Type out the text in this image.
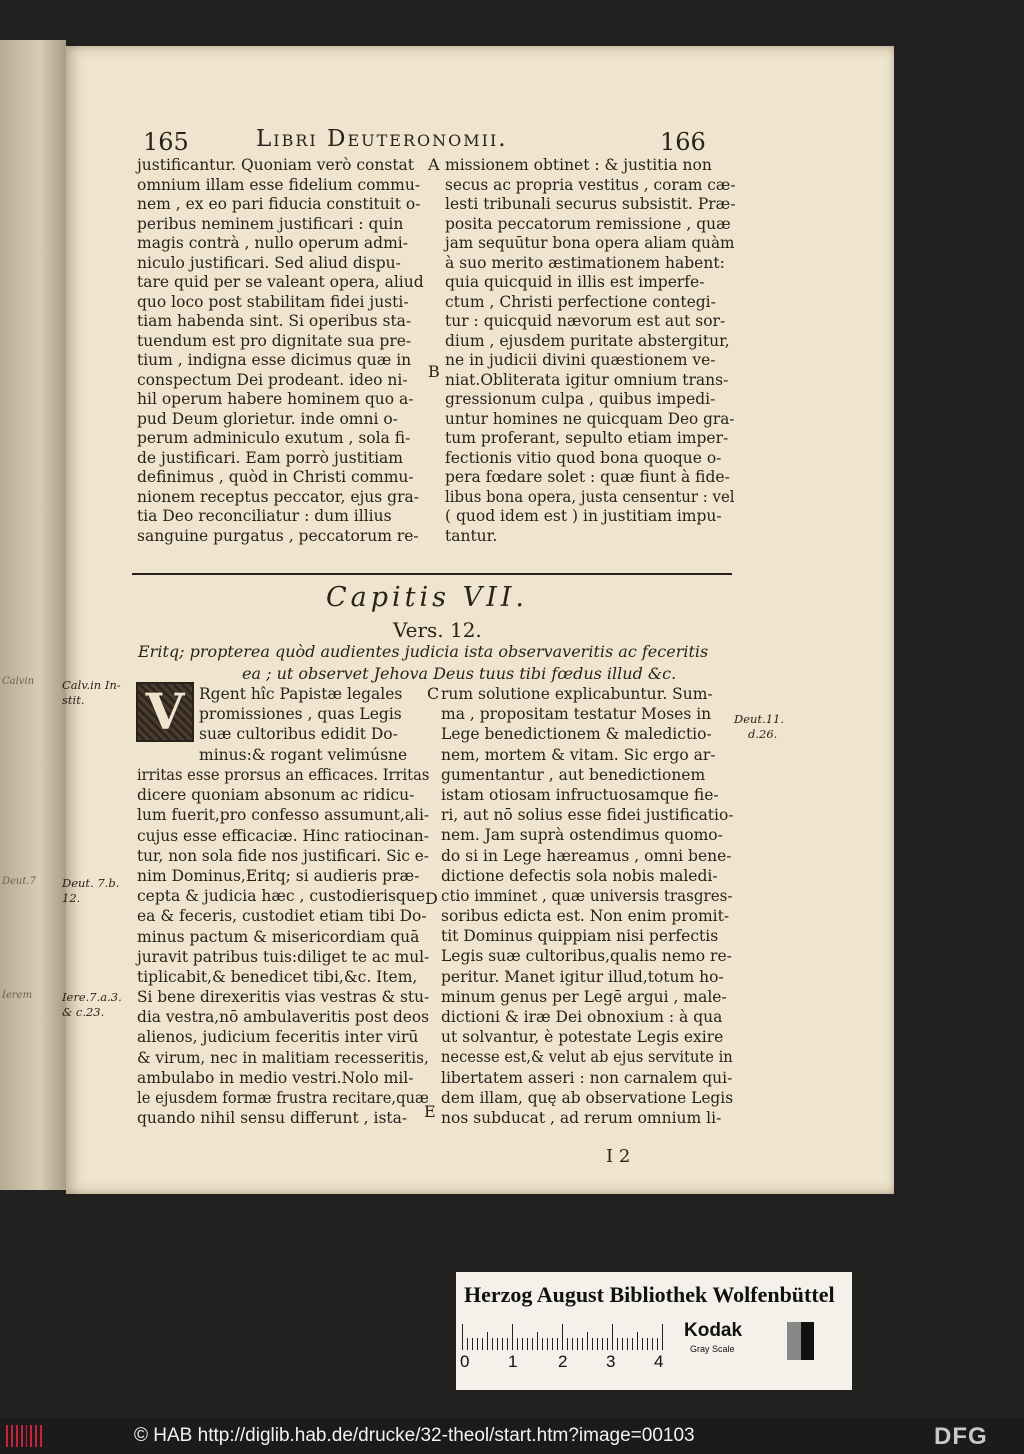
Calvin
Deut.7
Ierem
165	Libri Deuteronomii.	166
justificantur. Quoniam verò constat
omnium illam esse fidelium commu-
nem , ex eo pari fiducia constituit o-
peribus neminem justificari : quin
magis contrà , nullo operum admi-
niculo justificari. Sed aliud dispu-
tare quid per se valeant opera, aliud
quo loco post stabilitam fidei justi-
tiam habenda sint. Si operibus sta-
tuendum est pro dignitate sua pre-
tium , indigna esse dicimus quæ in
conspectum Dei prodeant. ideo ni-
hil operum habere hominem quo a-
pud Deum glorietur. inde omni o-
perum adminiculo exutum , sola fi-
de justificari. Eam porrò justitiam
definimus , quòd in Christi commu-
nionem receptus peccator, ejus gra-
tia Deo reconciliatur : dum illius
sanguine purgatus , peccatorum re-
missionem obtinet : & justitia non
secus ac propria vestitus , coram cæ-
lesti tribunali securus subsistit. Præ-
posita peccatorum remissione , quæ
jam sequūtur bona opera aliam quàm
à suo merito æstimationem habent:
quia quicquid in illis est imperfe-
ctum , Christi perfectione contegi-
tur : quicquid nævorum est aut sor-
dium , ejusdem puritate abstergitur,
ne in judicii divini quæstionem ve-
niat.Obliterata igitur omnium trans-
gressionum culpa , quibus impedi-
untur homines ne quicquam Deo gra-
tum proferant, sepulto etiam imper-
fectionis vitio quod bona quoque o-
pera fœdare solet : quæ fiunt à fide-
libus bona opera, justa censentur : vel
( quod idem est ) in justitiam impu-
tantur.
A
B
Capitis VII.
Vers. 12.
Eritq; propterea quòd audientes judicia ista observaveritis ac feceritis
ea ; ut observet Jehova Deus tuus tibi fœdus illud &c.
V Rgent hîc Papistæ legales
promissiones , quas Legis
suæ cultoribus edidit Do-
minus:& rogant velimúsne
irritas esse prorsus an efficaces. Irritas
dicere quoniam absonum ac ridicu-
lum fuerit,pro confesso assumunt,ali-
cujus esse efficaciæ. Hinc ratiocinan-
tur, non sola fide nos justificari. Sic e-
nim Dominus,Eritq; si audieris præ-
cepta & judicia hæc , custodierisque
ea & feceris, custodiet etiam tibi Do-
minus pactum & misericordiam quā
juravit patribus tuis:diliget te ac mul-
tiplicabit,& benedicet tibi,&c. Item,
Si bene direxeritis vias vestras & stu-
dia vestra,nō ambulaveritis post deos
alienos, judicium feceritis inter virū
& virum, nec in malitiam recesseritis,
ambulabo in medio vestri.Nolo mil-
le ejusdem formæ frustra recitare,quæ
quando nihil sensu differunt , ista-
rum solutione explicabuntur. Sum-
ma , propositam testatur Moses in
Lege benedictionem & maledictio-
nem, mortem & vitam. Sic ergo ar-
gumentantur , aut benedictionem
istam otiosam infructuosamque fie-
ri, aut nō solius esse fidei justificatio-
nem. Jam suprà ostendimus quomo-
do si in Lege hæreamus , omni bene-
dictione defectis sola nobis maledi-
ctio imminet , quæ universis trasgres-
soribus edicta est. Non enim promit-
tit Dominus quippiam nisi perfectis
Legis suæ cultoribus,qualis nemo re-
peritur. Manet igitur illud,totum ho-
minum genus per Legē argui , male-
dictioni & iræ Dei obnoxium : à qua
ut solvantur, è potestate Legis exire
necesse est,& velut ab ejus servitute in
libertatem asseri : non carnalem qui-
dem illam, quę ab observatione Legis
nos subducat , ad rerum omnium li-
C
D
E
Calv.in In-
stit.
Deut. 7.b.
12.
Iere.7.a.3.
& c.23.
Deut.11.
d.26.
I 2
Herzog August Bibliothek Wolfenbüttel
0 1 2 3 4
Kodak
Gray Scale
© HAB http://diglib.hab.de/drucke/32-theol/start.htm?image=00103	DFG
